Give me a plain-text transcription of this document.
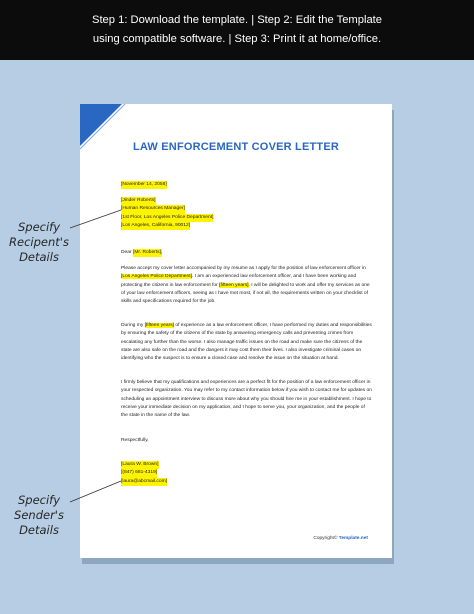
Step 1: Download the template. | Step 2: Edit the Template
using compatible software. | Step 3: Print it at home/office.
LAW ENFORCEMENT COVER LETTER
[November 14, 2058]
[Jinder Roberts]
[Human Resources Manager]
[1st Floor, Los Angeles Police Department]
[Los Angeles, California, 90012]
Dear [Mr. Roberts],
Please accept my cover letter accompanied by my resume as I apply for the position of law enforcement officer in [Los Angeles Police Department]. I am an experienced law enforcement officer, and I have been working and protecting the citizens in law enforcement for [fifteen years]. I will be delighted to work and offer my services as one of your law enforcement officers, seeing as I have met most, if not all, the requirements written on your checklist of skills and specifications required for the job.
During my [fifteen years] of experience as a law enforcement officer, I have performed my duties and responsibilities by ensuring the safety of the citizens of the state by answering emergency calls and preventing crimes from escalating any further than the worse. I also manage traffic issues on the road and make sure the citizens of the state are also safe on the road and the dangers it may cost them their lives. I also investigate criminal cases on identifying who the suspect is to ensure a closed case and resolve the issue on the situation at hand.
I firmly believe that my qualifications and experiences are a perfect fit for the position of a law enforcement officer in your respected organization. You may refer to my contact information below if you wish to contact me for updates on scheduling an appointment interview to discuss more about why you should hire me in your establishment. I hope to receive your immediate decision on my application, and I hope to serve you, your organization, and the people of the state in the name of the law.
Respectfully,
[Laura W. Brown]
[(847) 681-4319]
[laura@abcmail.com]
Copyright© Template.net
Specify
Recipent's
Details
Specify
Sender's
Details
